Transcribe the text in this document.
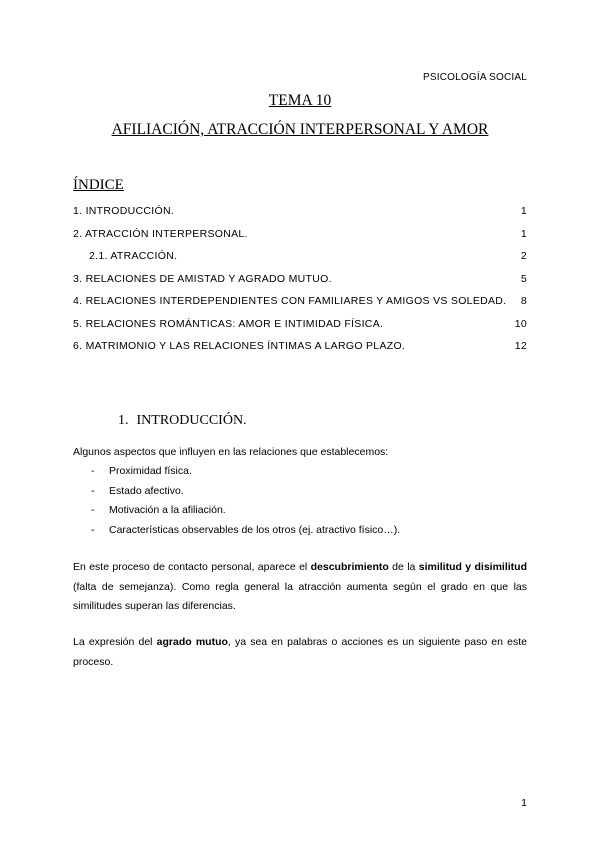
PSICOLOGÍA SOCIAL
TEMA 10
AFILIACIÓN, ATRACCIÓN INTERPERSONAL Y AMOR
ÍNDICE
1. INTRODUCCIÓN.	1
2. ATRACCIÓN INTERPERSONAL.	1
2.1. ATRACCIÓN.	2
3. RELACIONES DE AMISTAD Y AGRADO MUTUO.	5
4. RELACIONES INTERDEPENDIENTES CON FAMILIARES Y AMIGOS VS SOLEDAD. 8
5. RELACIONES ROMÁNTICAS: AMOR E INTIMIDAD FÍSICA.	10
6. MATRIMONIO Y LAS RELACIONES ÍNTIMAS A LARGO PLAZO.	12
1. INTRODUCCIÓN.
Algunos aspectos que influyen en las relaciones que establecemos:
- Proximidad física.
- Estado afectivo.
- Motivación a la afiliación.
- Características observables de los otros (ej. atractivo físico…).
En este proceso de contacto personal, aparece el descubrimiento de la similitud y disimilitud (falta de semejanza). Como regla general la atracción aumenta según el grado en que las similitudes superan las diferencias.
La expresión del agrado mutuo, ya sea en palabras o acciones es un siguiente paso en este proceso.
1
